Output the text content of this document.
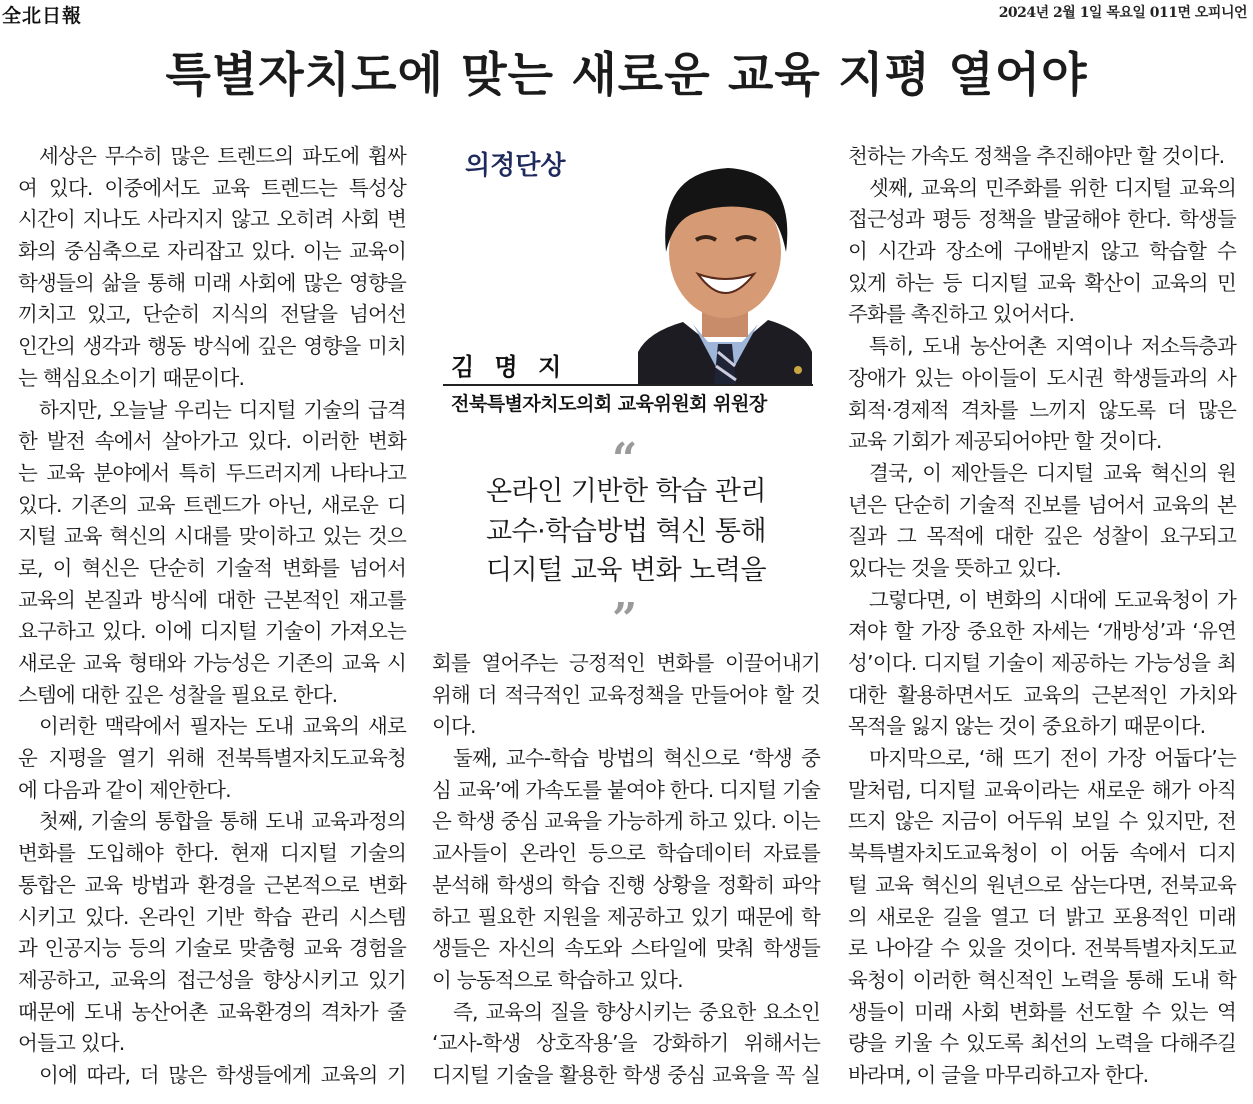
全北日報	2024년 2월 1일 목요일 011면 오피니언
특별자치도에 맞는 새로운 교육 지평 열어야
세상은 무수히 많은 트렌드의 파도에 휩싸
여 있다. 이중에서도 교육 트렌드는 특성상
시간이 지나도 사라지지 않고 오히려 사회 변
화의 중심축으로 자리잡고 있다. 이는 교육이
학생들의 삶을 통해 미래 사회에 많은 영향을
끼치고 있고, 단순히 지식의 전달을 넘어선
인간의 생각과 행동 방식에 깊은 영향을 미치
는 핵심요소이기 때문이다.
하지만, 오늘날 우리는 디지털 기술의 급격
한 발전 속에서 살아가고 있다. 이러한 변화
는 교육 분야에서 특히 두드러지게 나타나고
있다. 기존의 교육 트렌드가 아닌, 새로운 디
지털 교육 혁신의 시대를 맞이하고 있는 것으
로, 이 혁신은 단순히 기술적 변화를 넘어서
교육의 본질과 방식에 대한 근본적인 재고를
요구하고 있다. 이에 디지털 기술이 가져오는
새로운 교육 형태와 가능성은 기존의 교육 시
스템에 대한 깊은 성찰을 필요로 한다.
이러한 맥락에서 필자는 도내 교육의 새로
운 지평을 열기 위해 전북특별자치도교육청
에 다음과 같이 제안한다.
첫째, 기술의 통합을 통해 도내 교육과정의
변화를 도입해야 한다. 현재 디지털 기술의
통합은 교육 방법과 환경을 근본적으로 변화
시키고 있다. 온라인 기반 학습 관리 시스템
과 인공지능 등의 기술로 맞춤형 교육 경험을
제공하고, 교육의 접근성을 향상시키고 있기
때문에 도내 농산어촌 교육환경의 격차가 줄
어들고 있다.
이에 따라, 더 많은 학생들에게 교육의 기
의정단상
김 명 지
전북특별자치도의회 교육위원회 위원장
“
온라인 기반한 학습 관리
교수·학습방법 혁신 통해
디지털 교육 변화 노력을
”
회를 열어주는 긍정적인 변화를 이끌어내기
위해 더 적극적인 교육정책을 만들어야 할 것
이다.
둘째, 교수-학습 방법의 혁신으로 ‘학생 중
심 교육’에 가속도를 붙여야 한다. 디지털 기술
은 학생 중심 교육을 가능하게 하고 있다. 이는
교사들이 온라인 등으로 학습데이터 자료를
분석해 학생의 학습 진행 상황을 정확히 파악
하고 필요한 지원을 제공하고 있기 때문에 학
생들은 자신의 속도와 스타일에 맞춰 학생들
이 능동적으로 학습하고 있다.
즉, 교육의 질을 향상시키는 중요한 요소인
‘교사-학생 상호작용’을 강화하기 위해서는
디지털 기술을 활용한 학생 중심 교육을 꼭 실
천하는 가속도 정책을 추진해야만 할 것이다.
셋째, 교육의 민주화를 위한 디지털 교육의
접근성과 평등 정책을 발굴해야 한다. 학생들
이 시간과 장소에 구애받지 않고 학습할 수
있게 하는 등 디지털 교육 확산이 교육의 민
주화를 촉진하고 있어서다.
특히, 도내 농산어촌 지역이나 저소득층과
장애가 있는 아이들이 도시권 학생들과의 사
회적·경제적 격차를 느끼지 않도록 더 많은
교육 기회가 제공되어야만 할 것이다.
결국, 이 제안들은 디지털 교육 혁신의 원
년은 단순히 기술적 진보를 넘어서 교육의 본
질과 그 목적에 대한 깊은 성찰이 요구되고
있다는 것을 뜻하고 있다.
그렇다면, 이 변화의 시대에 도교육청이 가
져야 할 가장 중요한 자세는 ‘개방성’과 ‘유연
성’이다. 디지털 기술이 제공하는 가능성을 최
대한 활용하면서도 교육의 근본적인 가치와
목적을 잃지 않는 것이 중요하기 때문이다.
마지막으로, ‘해 뜨기 전이 가장 어둡다’는
말처럼, 디지털 교육이라는 새로운 해가 아직
뜨지 않은 지금이 어두워 보일 수 있지만, 전
북특별자치도교육청이 이 어둠 속에서 디지
털 교육 혁신의 원년으로 삼는다면, 전북교육
의 새로운 길을 열고 더 밝고 포용적인 미래
로 나아갈 수 있을 것이다. 전북특별자치도교
육청이 이러한 혁신적인 노력을 통해 도내 학
생들이 미래 사회 변화를 선도할 수 있는 역
량을 키울 수 있도록 최선의 노력을 다해주길
바라며, 이 글을 마무리하고자 한다.
